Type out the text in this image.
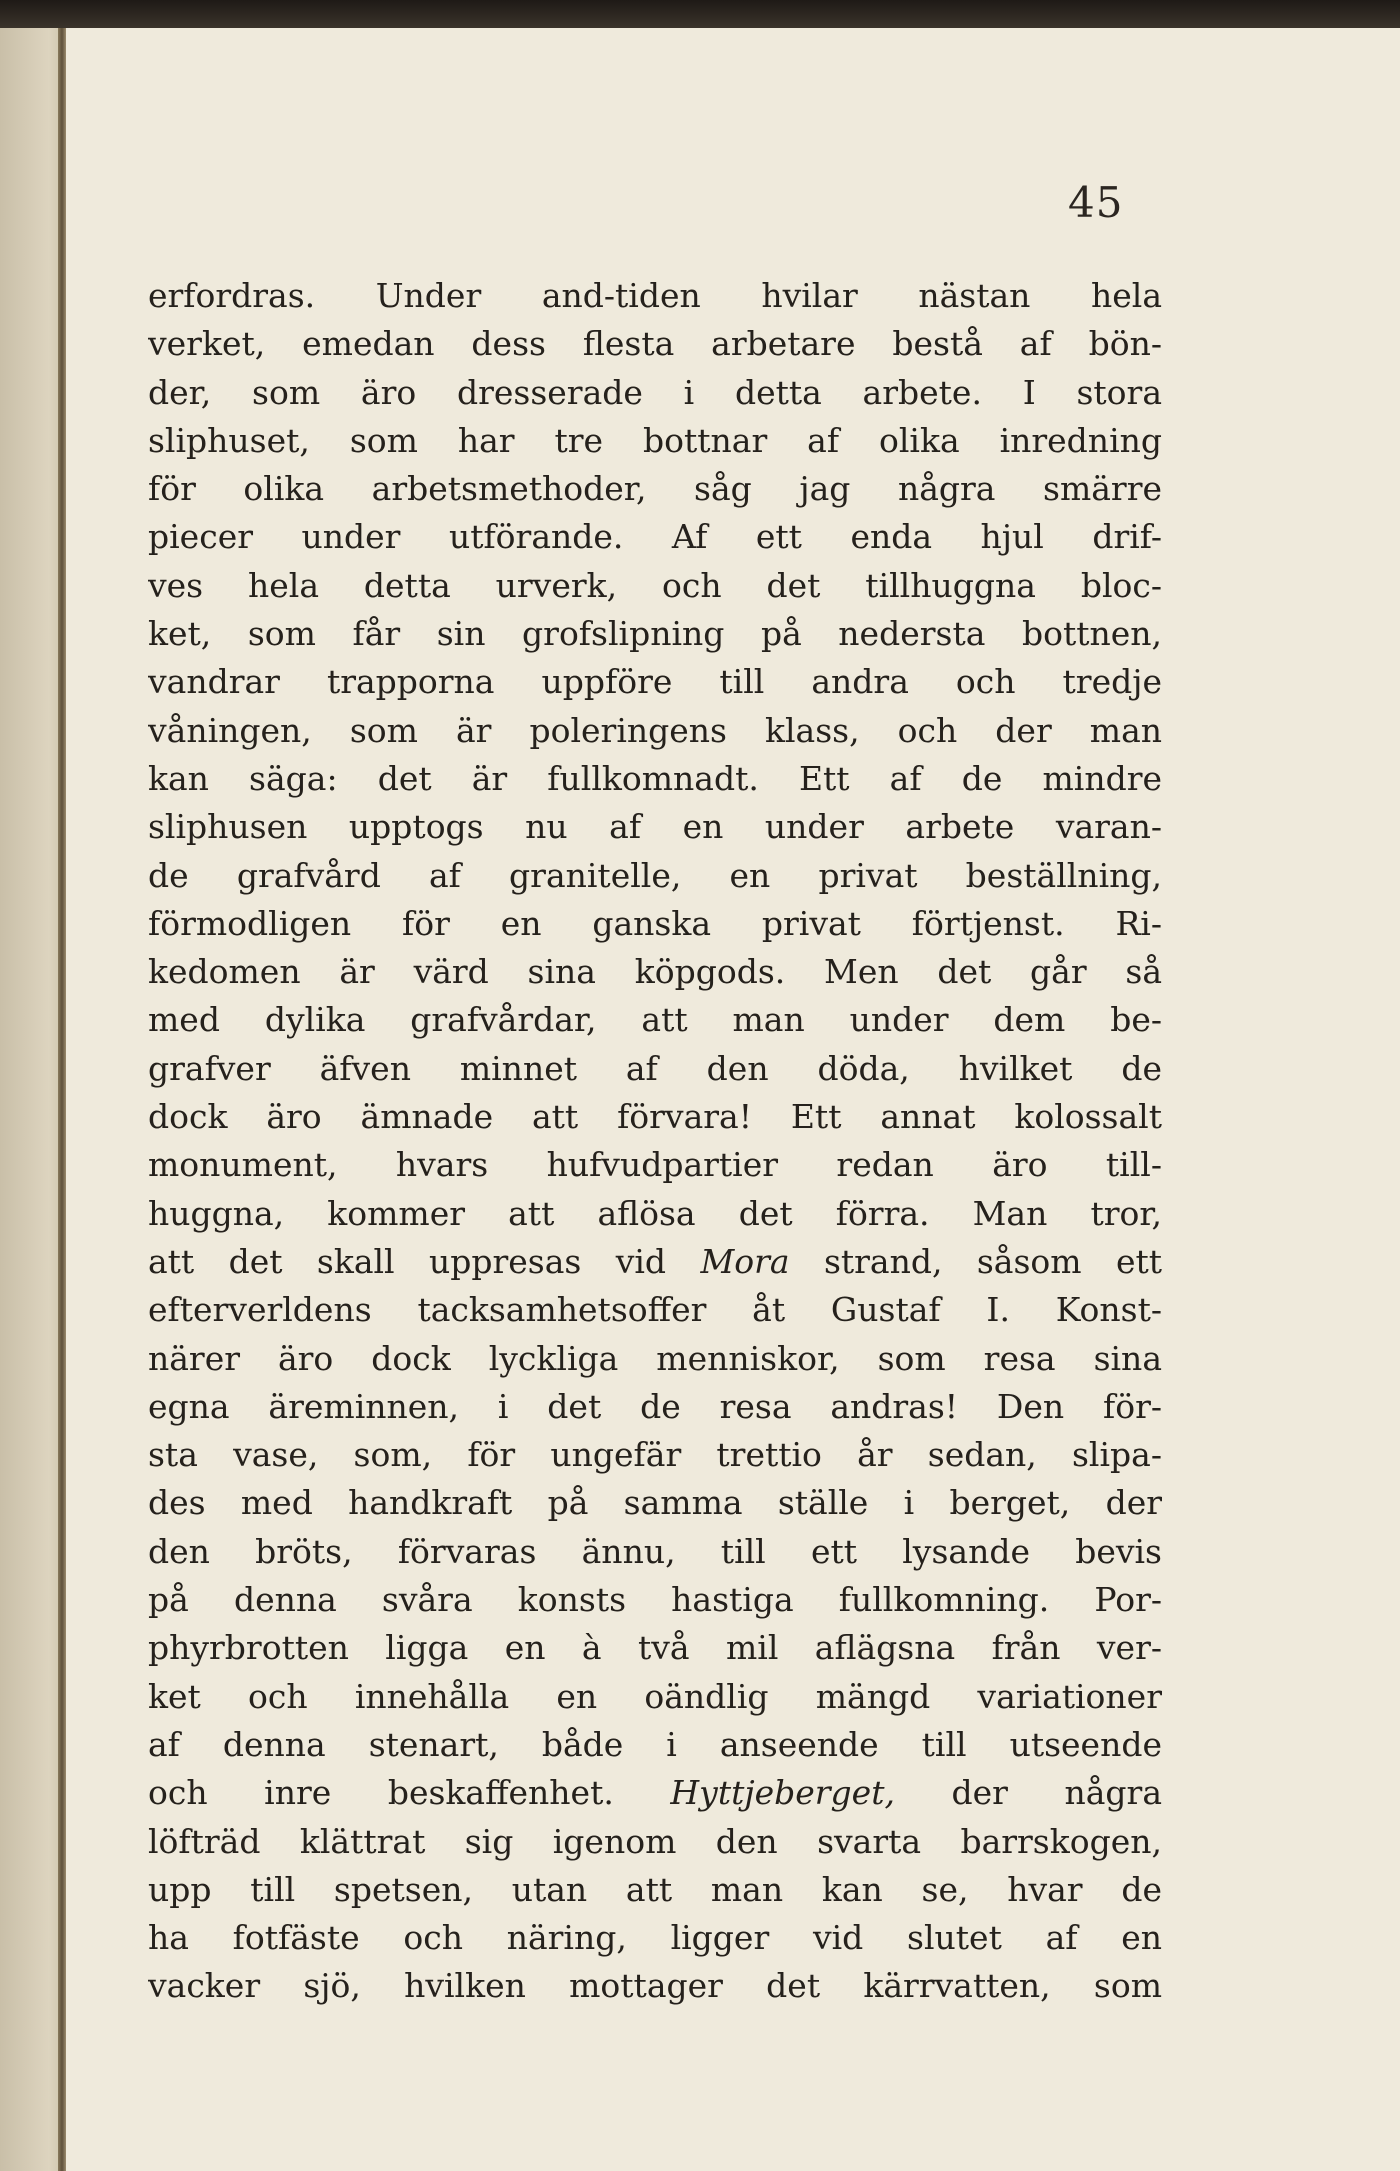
45
erfordras. Under and-tiden hvilar nästan hela
verket, emedan dess flesta arbetare bestå af bön-
der, som äro dresserade i detta arbete. I stora
sliphuset, som har tre bottnar af olika inredning
för olika arbetsmethoder, såg jag några smärre
piecer under utförande. Af ett enda hjul drif-
ves hela detta urverk, och det tillhuggna bloc-
ket, som får sin grofslipning på nedersta bottnen,
vandrar trapporna uppföre till andra och tredje
våningen, som är poleringens klass, och der man
kan säga: det är fullkomnadt. Ett af de mindre
sliphusen upptogs nu af en under arbete varan-
de grafvård af granitelle, en privat beställning,
förmodligen för en ganska privat förtjenst. Ri-
kedomen är värd sina köpgods. Men det går så
med dylika grafvårdar, att man under dem be-
grafver äfven minnet af den döda, hvilket de
dock äro ämnade att förvara! Ett annat kolossalt
monument, hvars hufvudpartier redan äro till-
huggna, kommer att aflösa det förra. Man tror,
att det skall uppresas vid Mora strand, såsom ett
efterverldens tacksamhetsoffer åt Gustaf I. Konst-
närer äro dock lyckliga menniskor, som resa sina
egna äreminnen, i det de resa andras! Den för-
sta vase, som, för ungefär trettio år sedan, slipa-
des med handkraft på samma ställe i berget, der
den bröts, förvaras ännu, till ett lysande bevis
på denna svåra konsts hastiga fullkomning. Por-
phyrbrotten ligga en à två mil aflägsna från ver-
ket och innehålla en oändlig mängd variationer
af denna stenart, både i anseende till utseende
och inre beskaffenhet. Hyttjeberget, der några
löfträd klättrat sig igenom den svarta barrskogen,
upp till spetsen, utan att man kan se, hvar de
ha fotfäste och näring, ligger vid slutet af en
vacker sjö, hvilken mottager det kärrvatten, som
